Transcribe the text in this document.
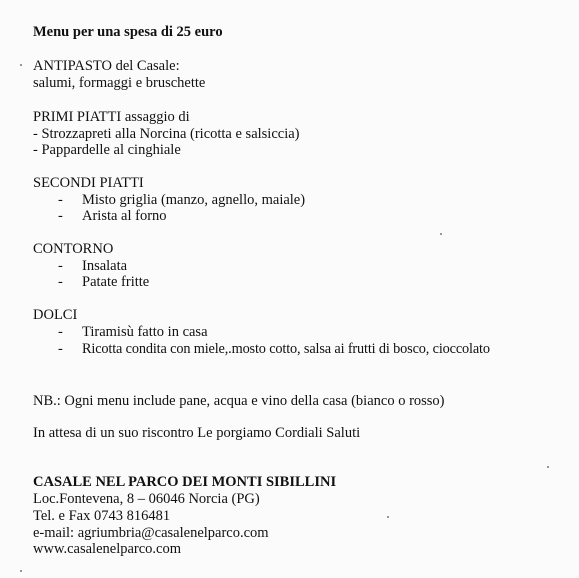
Menu per una spesa di 25 euro
ANTIPASTO del Casale:
salumi, formaggi e bruschette
PRIMI PIATTI assaggio di
- Strozzapreti alla Norcina (ricotta e salsiccia)
- Pappardelle al cinghiale
SECONDI PIATTI
- Misto griglia (manzo, agnello, maiale)
- Arista al forno
CONTORNO
- Insalata
- Patate fritte
DOLCI
- Tiramisù fatto in casa
- Ricotta condita con miele,.mosto cotto, salsa ai frutti di bosco, cioccolato
NB.: Ogni menu include pane, acqua e vino della casa (bianco o rosso)
In attesa di un suo riscontro Le porgiamo Cordiali Saluti
CASALE NEL PARCO DEI MONTI SIBILLINI
Loc.Fontevena, 8 – 06046 Norcia (PG)
Tel. e Fax 0743 816481
e-mail: agriumbria@casalenelparco.com
www.casalenelparco.com
